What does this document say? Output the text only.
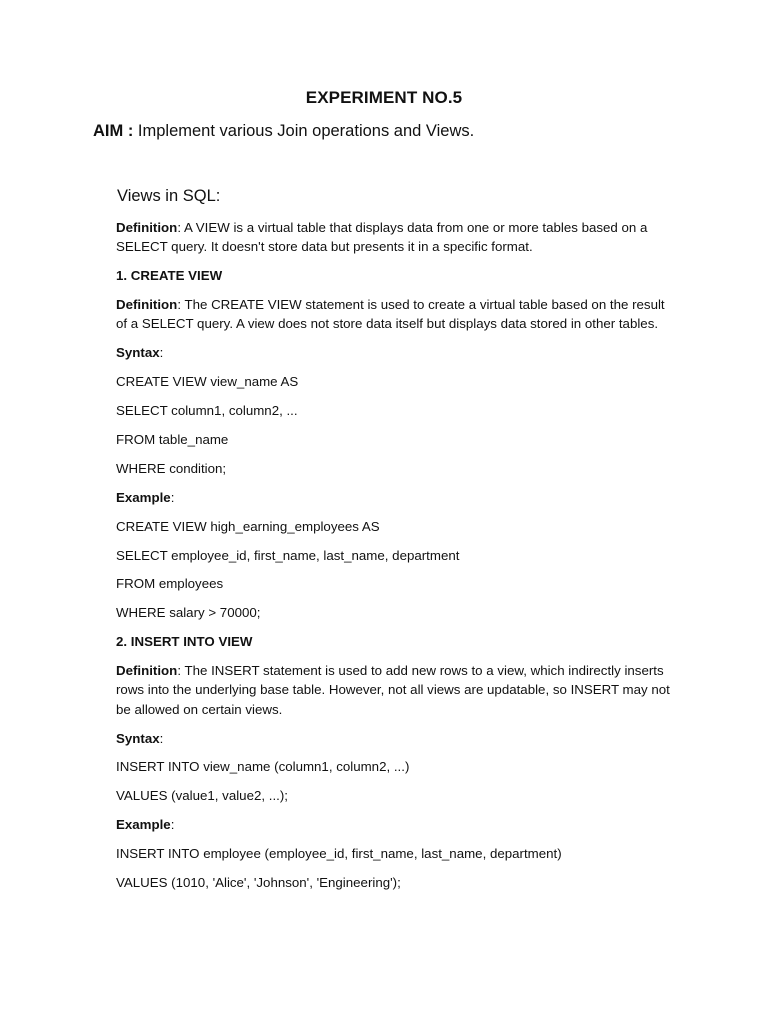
EXPERIMENT NO.5
AIM : Implement various Join operations and Views.
Views in SQL:

Definition: A VIEW is a virtual table that displays data from one or more tables based on a SELECT query. It doesn't store data but presents it in a specific format.

1. CREATE VIEW

Definition: The CREATE VIEW statement is used to create a virtual table based on the result of a SELECT query. A view does not store data itself but displays data stored in other tables.

Syntax:

CREATE VIEW view_name AS

SELECT column1, column2, ...

FROM table_name

WHERE condition;

Example:

CREATE VIEW high_earning_employees AS

SELECT employee_id, first_name, last_name, department

FROM employees

WHERE salary > 70000;

2. INSERT INTO VIEW

Definition: The INSERT statement is used to add new rows to a view, which indirectly inserts rows into the underlying base table. However, not all views are updatable, so INSERT may not be allowed on certain views.

Syntax:

INSERT INTO view_name (column1, column2, ...)

VALUES (value1, value2, ...);

Example:

INSERT INTO employee (employee_id, first_name, last_name, department)

VALUES (1010, 'Alice', 'Johnson', 'Engineering');
